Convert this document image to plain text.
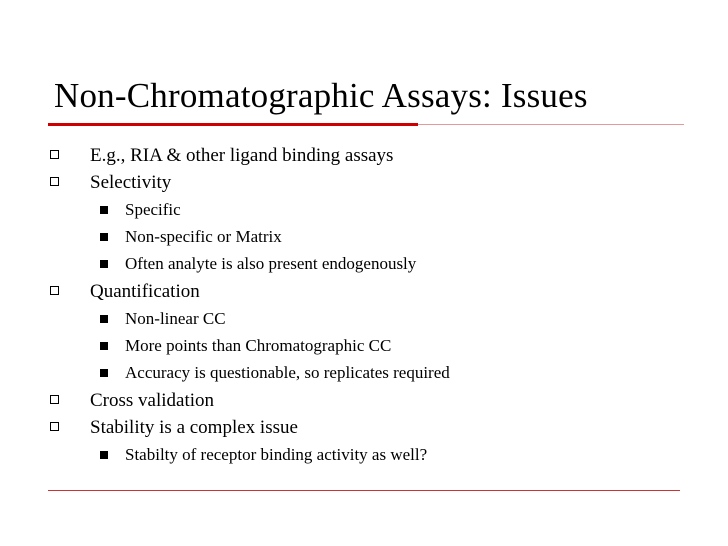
Non-Chromatographic Assays: Issues
E.g., RIA & other ligand binding assays
Selectivity
Specific
Non-specific or Matrix
Often analyte is also present endogenously
Quantification
Non-linear CC
More points than Chromatographic CC
Accuracy is questionable, so replicates required
Cross validation
Stability is a complex issue
Stabilty of receptor binding activity as well?
